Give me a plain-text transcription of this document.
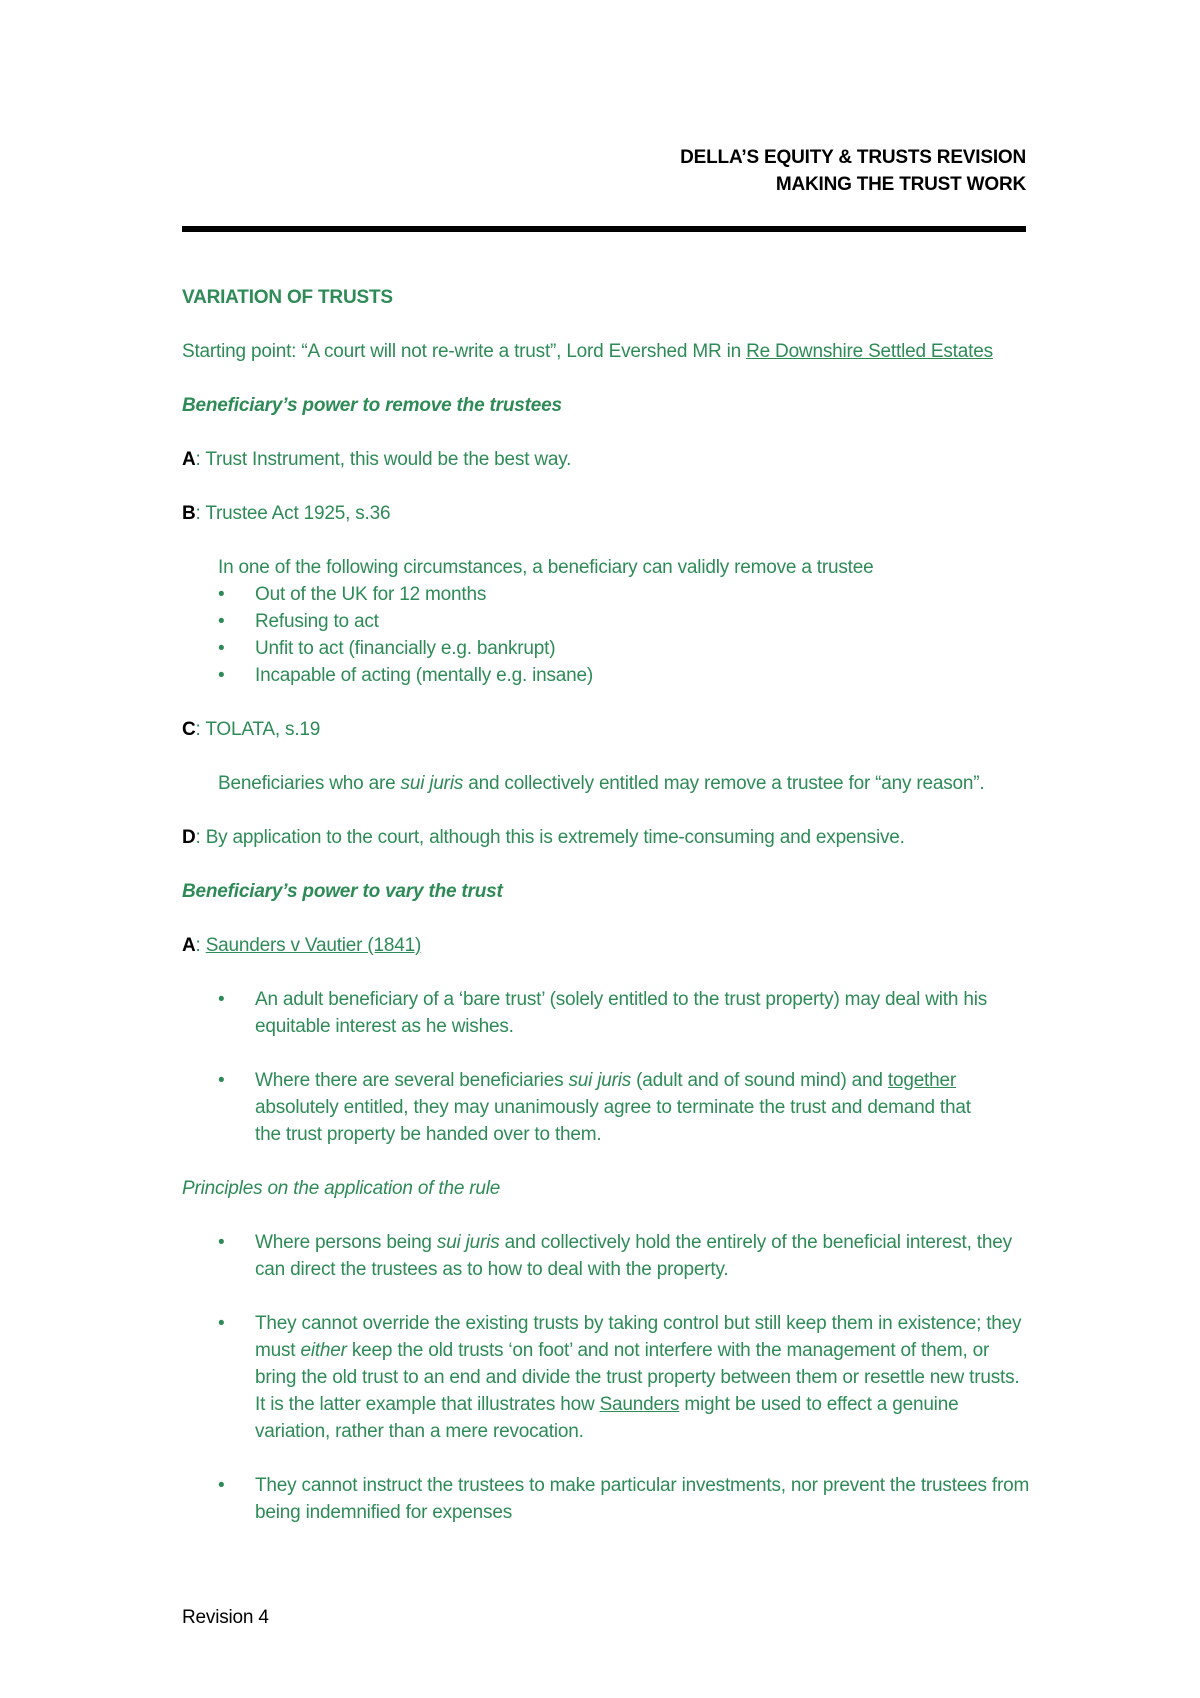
DELLA’S EQUITY & TRUSTS REVISION
MAKING THE TRUST WORK
VARIATION OF TRUSTS
Starting point: “A court will not re-write a trust”, Lord Evershed MR in Re Downshire Settled Estates
Beneficiary’s power to remove the trustees
A: Trust Instrument, this would be the best way.
B: Trustee Act 1925, s.36
In one of the following circumstances, a beneficiary can validly remove a trustee
• Out of the UK for 12 months
• Refusing to act
• Unfit to act (financially e.g. bankrupt)
• Incapable of acting (mentally e.g. insane)
C: TOLATA, s.19
Beneficiaries who are sui juris and collectively entitled may remove a trustee for “any reason”.
D: By application to the court, although this is extremely time-consuming and expensive.
Beneficiary’s power to vary the trust
A: Saunders v Vautier (1841)
• An adult beneficiary of a ‘bare trust’ (solely entitled to the trust property) may deal with his equitable interest as he wishes.
• Where there are several beneficiaries sui juris (adult and of sound mind) and together absolutely entitled, they may unanimously agree to terminate the trust and demand that the trust property be handed over to them.
Principles on the application of the rule
• Where persons being sui juris and collectively hold the entirely of the beneficial interest, they can direct the trustees as to how to deal with the property.
• They cannot override the existing trusts by taking control but still keep them in existence; they must either keep the old trusts ‘on foot’ and not interfere with the management of them, or bring the old trust to an end and divide the trust property between them or resettle new trusts. It is the latter example that illustrates how Saunders might be used to effect a genuine variation, rather than a mere revocation.
• They cannot instruct the trustees to make particular investments, nor prevent the trustees from being indemnified for expenses
Revision 4
